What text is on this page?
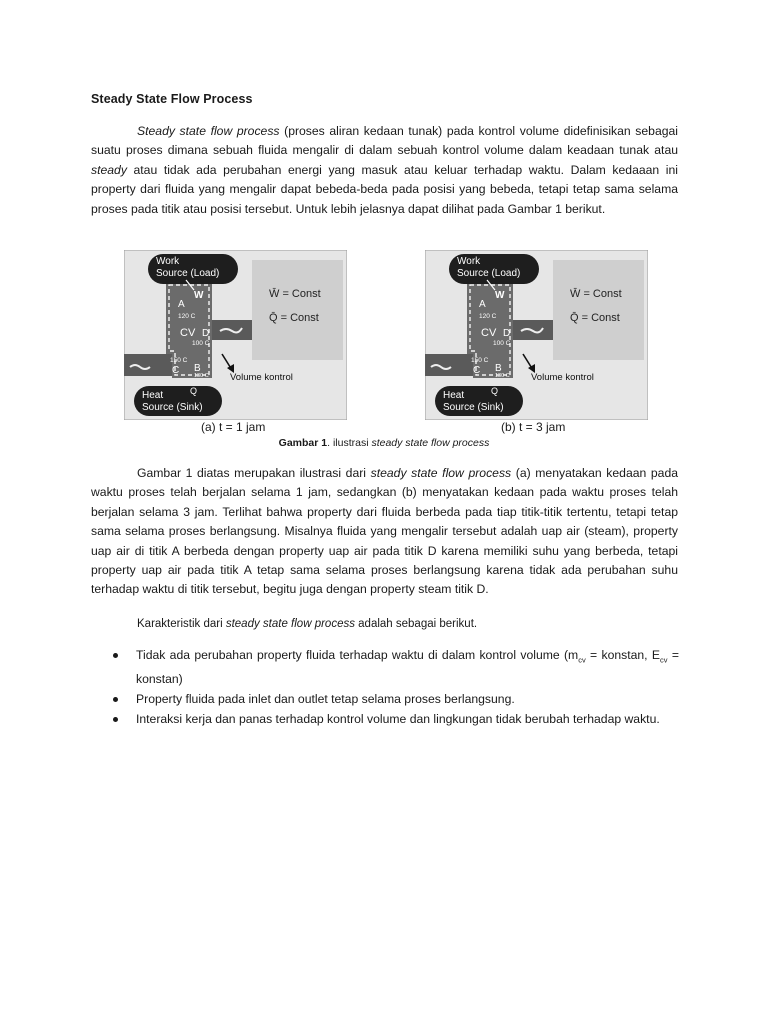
Steady State Flow Process
Steady state flow process (proses aliran kedaan tunak) pada kontrol volume didefinisikan sebagai suatu proses dimana sebuah fluida mengalir di dalam sebuah kontrol volume dalam keadaan tunak atau steady atau tidak ada perubahan energi yang masuk atau keluar terhadap waktu. Dalam kedaaan ini property dari fluida yang mengalir dapat bebeda-beda pada posisi yang bebeda, tetapi tetap sama selama proses pada titik atau posisi tersebut. Untuk lebih jelasnya dapat dilihat pada Gambar 1 berikut.
W̄ = Const
Q̄ = Const
Work
Source (Load)
W
Heat
Source (Sink)
Q
A
120 C
CV D
100 C
150 C
C B
130 C Volume kontrol
W̄ = Const
Q̄ = Const
Work
Source (Load)
W
Heat
Source (Sink)
Q
A
120 C
CV D
100 C
150 C
C B
130 C Volume kontrol
(a) t = 1 jam	(b) t = 3 jam
Gambar 1. ilustrasi steady state flow process
Gambar 1 diatas merupakan ilustrasi dari steady state flow process (a) menyatakan kedaan pada waktu proses telah berjalan selama 1 jam, sedangkan (b) menyatakan kedaan pada waktu proses telah berjalan selama 3 jam. Terlihat bahwa property dari fluida berbeda pada tiap titik-titik tertentu, tetapi tetap sama selama proses berlangsung. Misalnya fluida yang mengalir tersebut adalah uap air (steam), property uap air di titik A berbeda dengan property uap air pada titik D karena memiliki suhu yang berbeda, tetapi property uap air pada titik A tetap sama selama proses berlangsung karena tidak ada perubahan suhu terhadap waktu di titik tersebut, begitu juga dengan property steam titik D.
Karakteristik dari steady state flow process adalah sebagai berikut.
Tidak ada perubahan property fluida terhadap waktu di dalam kontrol volume ($m_{cv}$ = konstan, $E_{cv}$ = konstan)
Property fluida pada inlet dan outlet tetap selama proses berlangsung.
Interaksi kerja dan panas terhadap kontrol volume dan lingkungan tidak berubah terhadap waktu.
